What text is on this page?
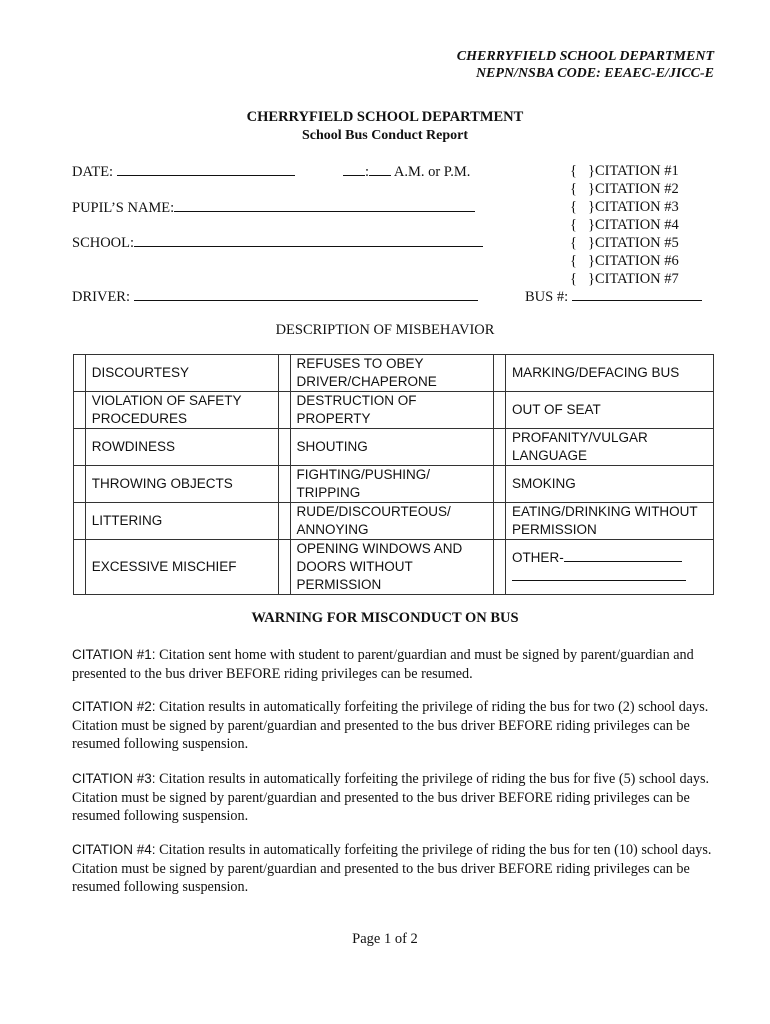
CHERRYFIELD SCHOOL DEPARTMENT
NEPN/NSBA CODE: EEAEC-E/JICC-E
CHERRYFIELD SCHOOL DEPARTMENT
School Bus Conduct Report
DATE:	: A.M. or P.M.
PUPIL’S NAME:
SCHOOL:
DRIVER:	BUS #:
{ }CITATION #1
{ }CITATION #2
{ }CITATION #3
{ }CITATION #4
{ }CITATION #5
{ }CITATION #6
{ }CITATION #7
DESCRIPTION OF MISBEHAVIOR
	DISCOURTESY		REFUSES TO OBEY DRIVER/CHAPERONE		MARKING/DEFACING BUS
	VIOLATION OF SAFETY PROCEDURES		DESTRUCTION OF PROPERTY		OUT OF SEAT
	ROWDINESS		SHOUTING		PROFANITY/VULGAR LANGUAGE
	THROWING OBJECTS		FIGHTING/PUSHING/ TRIPPING		SMOKING
	LITTERING		RUDE/DISCOURTEOUS/ ANNOYING		EATING/DRINKING WITHOUT PERMISSION
	EXCESSIVE MISCHIEF		OPENING WINDOWS AND DOORS WITHOUT PERMISSION		OTHER-

WARNING FOR MISCONDUCT ON BUS
CITATION #1: Citation sent home with student to parent/guardian and must be signed by parent/guardian and presented to the bus driver BEFORE riding privileges can be resumed.
CITATION #2: Citation results in automatically forfeiting the privilege of riding the bus for two (2) school days. Citation must be signed by parent/guardian and presented to the bus driver BEFORE riding privileges can be resumed following suspension.
CITATION #3: Citation results in automatically forfeiting the privilege of riding the bus for five (5) school days. Citation must be signed by parent/guardian and presented to the bus driver BEFORE riding privileges can be resumed following suspension.
CITATION #4: Citation results in automatically forfeiting the privilege of riding the bus for ten (10) school days. Citation must be signed by parent/guardian and presented to the bus driver BEFORE riding privileges can be resumed following suspension.
Page 1 of 2
